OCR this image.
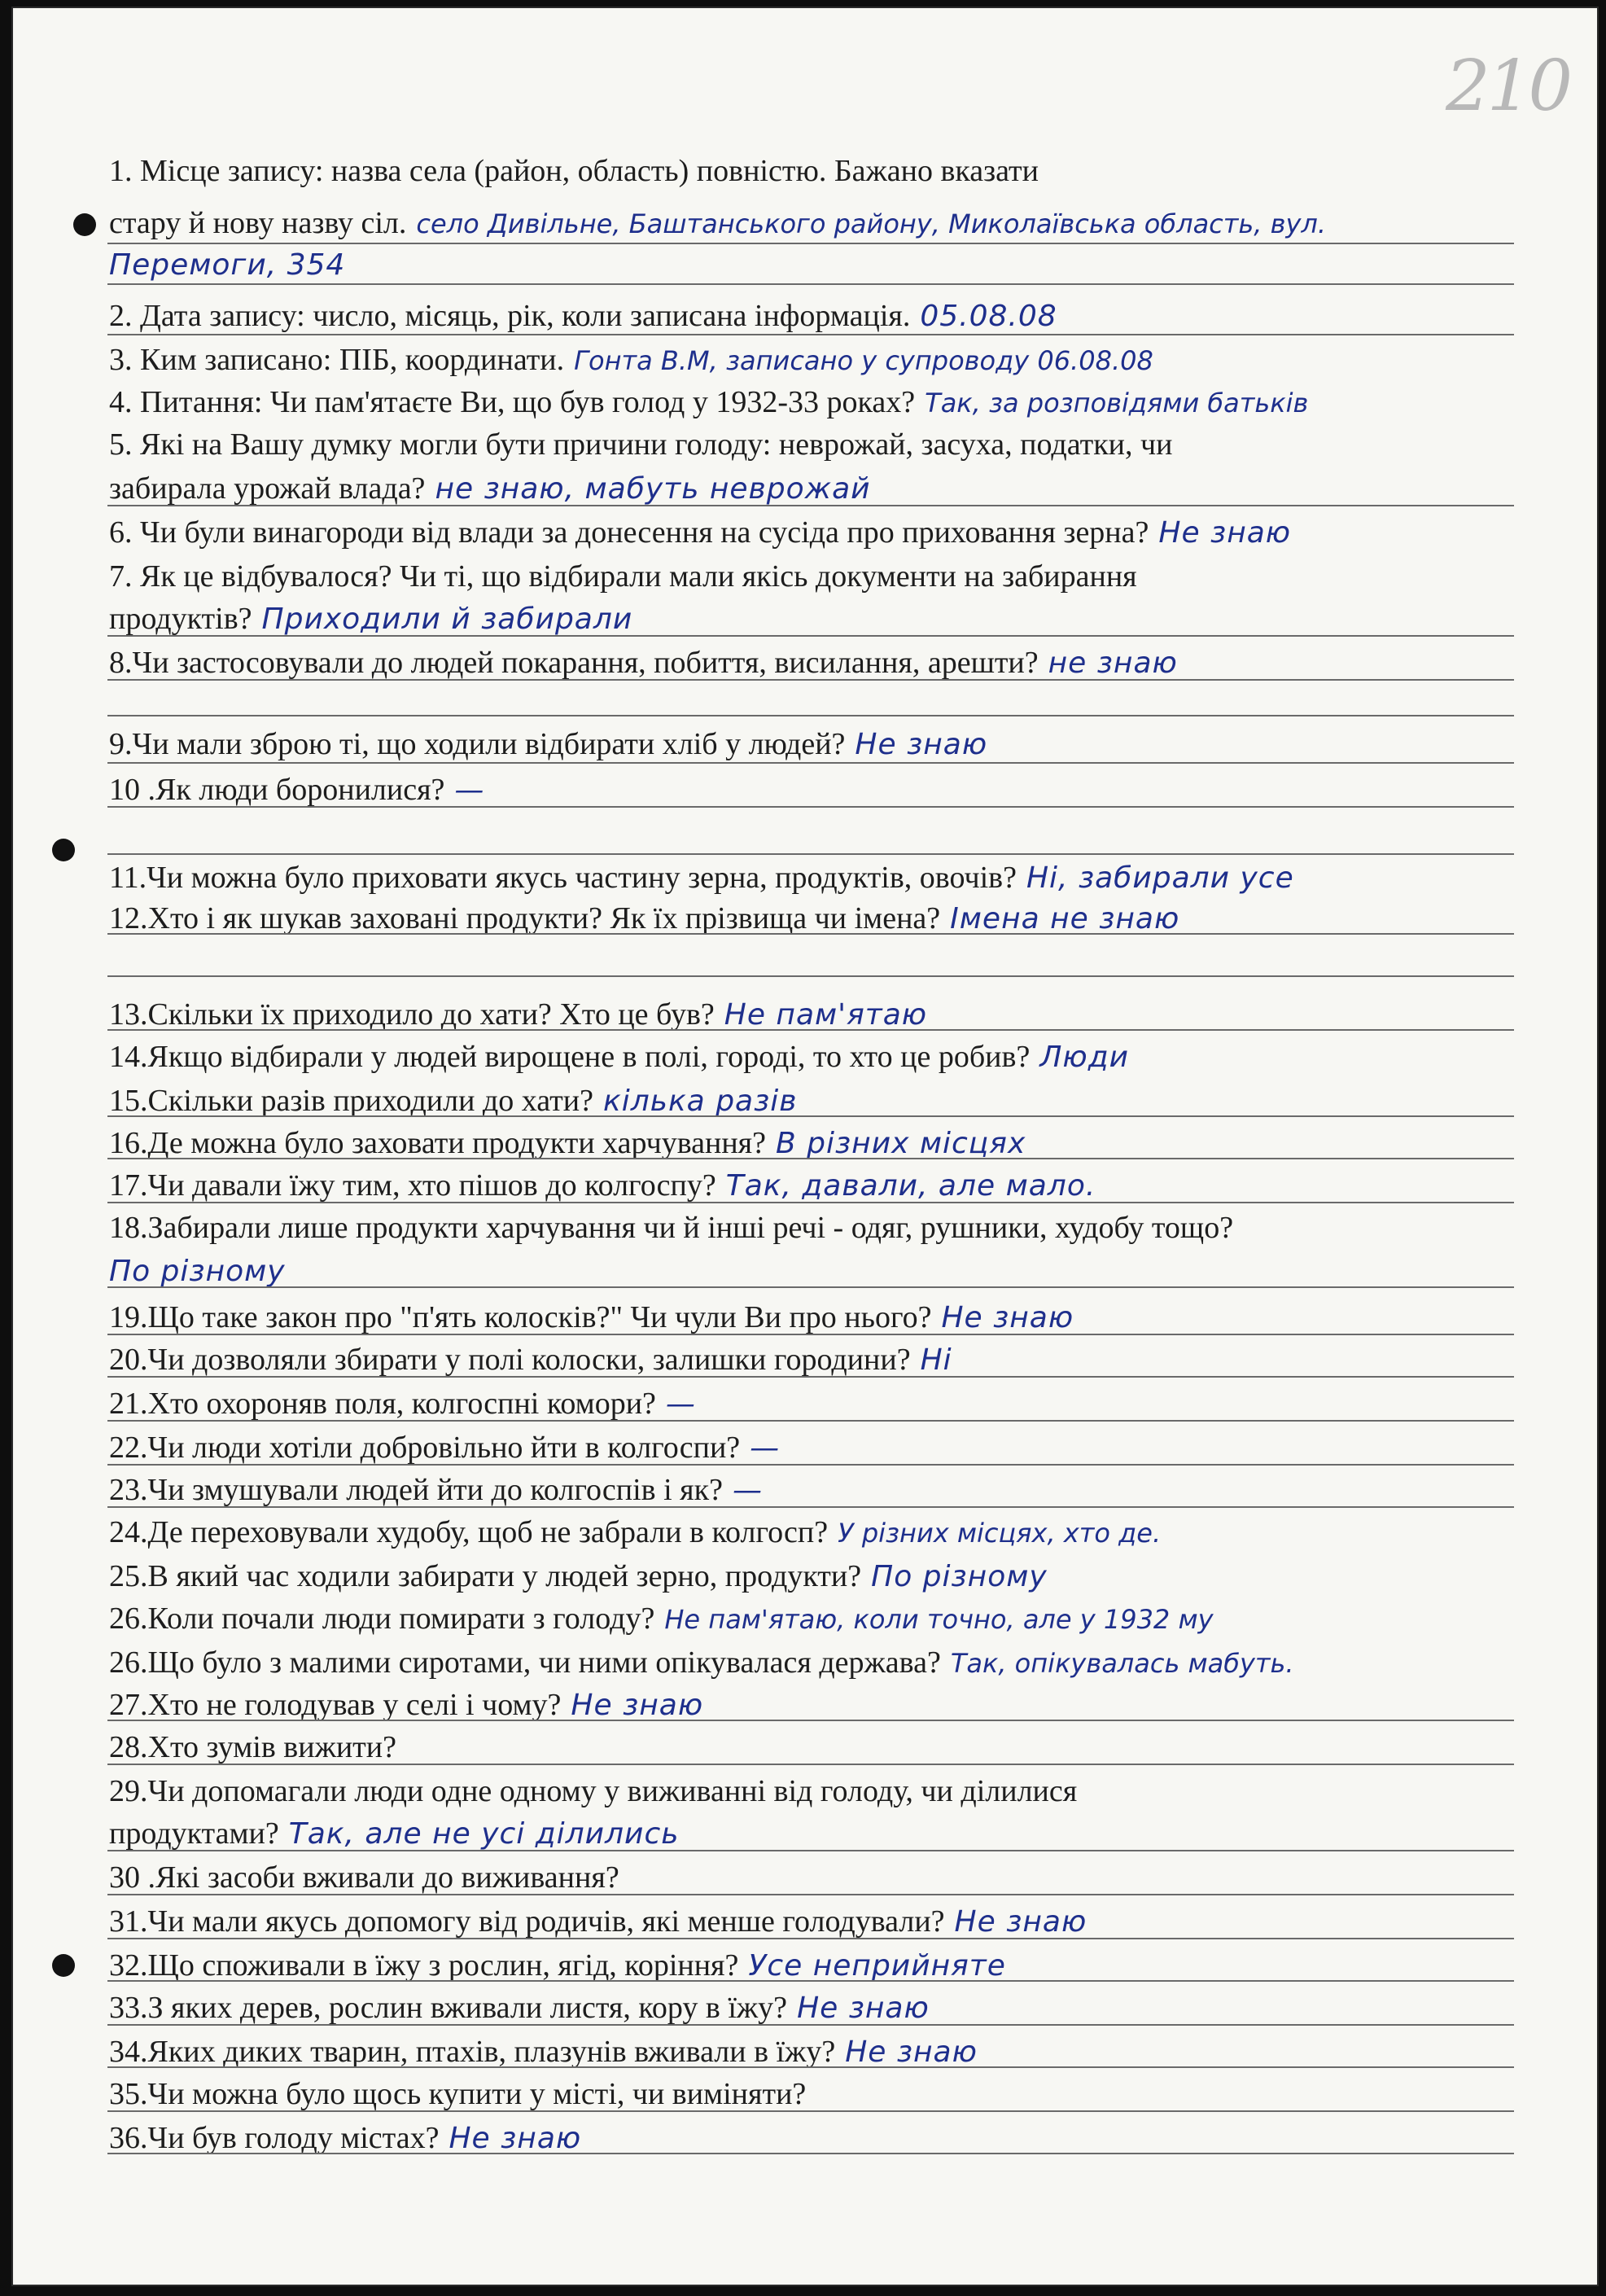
210
1. Місце запису: назва села (район, область) повністю. Бажано вказати
стару й нову назву сіл. село Дивільне, Баштанського району, Миколаївська область, вул.
Перемоги, 354
2. Дата запису: число, місяць, рік, коли записана інформація. 05.08.08
3. Ким записано: ПІБ, координати. Гонта В.М, записано у супроводу 06.08.08
4. Питання: Чи пам'ятаєте Ви, що був голод у 1932-33 роках? Так, за розповідями батьків
5. Які на Вашу думку могли бути причини голоду: неврожай, засуха, податки, чи
забирала урожай влада? не знаю, мабуть неврожай
6. Чи були винагороди від влади за донесення на сусіда про приховання зерна? Не знаю
7. Як це відбувалося? Чи ті, що відбирали мали якісь документи на забирання
продуктів? Приходили й забирали
8.Чи застосовували до людей покарання, побиття, висилання, арешти? не знаю
9.Чи мали зброю ті, що ходили відбирати хліб у людей? Не знаю
10 .Як люди боронилися? —
11.Чи можна було приховати якусь частину зерна, продуктів, овочів? Ні, забирали усе
12.Хто і як шукав заховані продукти? Як їх прізвища чи імена? Імена не знаю
13.Скільки їх приходило до хати? Хто це був? Не пам'ятаю
14.Якщо відбирали у людей вирощене в полі, городі, то хто це робив? Люди
15.Скільки разів приходили до хати? кілька разів
16.Де можна було заховати продукти харчування? В різних місцях
17.Чи давали їжу тим, хто пішов до колгоспу? Так, давали, але мало.
18.Забирали лише продукти харчування чи й інші речі - одяг, рушники, худобу тощо?
По різному
19.Що таке закон про "п'ять колосків?" Чи чули Ви про нього? Не знаю
20.Чи дозволяли збирати у полі колоски, залишки городини? Ні
21.Хто охороняв поля, колгоспні комори? —
22.Чи люди хотіли добровільно йти в колгоспи? —
23.Чи змушували людей йти до колгоспів і як? —
24.Де переховували худобу, щоб не забрали в колгосп? У різних місцях, хто де.
25.В який час ходили забирати у людей зерно, продукти? По різному
26.Коли почали люди помирати з голоду? Не пам'ятаю, коли точно, але у 1932 му
26.Що було з малими сиротами, чи ними опікувалася держава? Так, опікувалась мабуть.
27.Хто не голодував у селі і чому? Не знаю
28.Хто зумів вижити?
29.Чи допомагали люди одне одному у виживанні від голоду, чи ділилися
продуктами? Так, але не усі ділились
30 .Які засоби вживали до виживання?
31.Чи мали якусь допомогу від родичів, які менше голодували? Не знаю
32.Що споживали в їжу з рослин, ягід, коріння? Усе неприйняте
33.З яких дерев, рослин вживали листя, кору в їжу? Не знаю
34.Яких диких тварин, птахів, плазунів вживали в їжу? Не знаю
35.Чи можна було щось купити у місті, чи виміняти?
36.Чи був голоду містах? Не знаю
